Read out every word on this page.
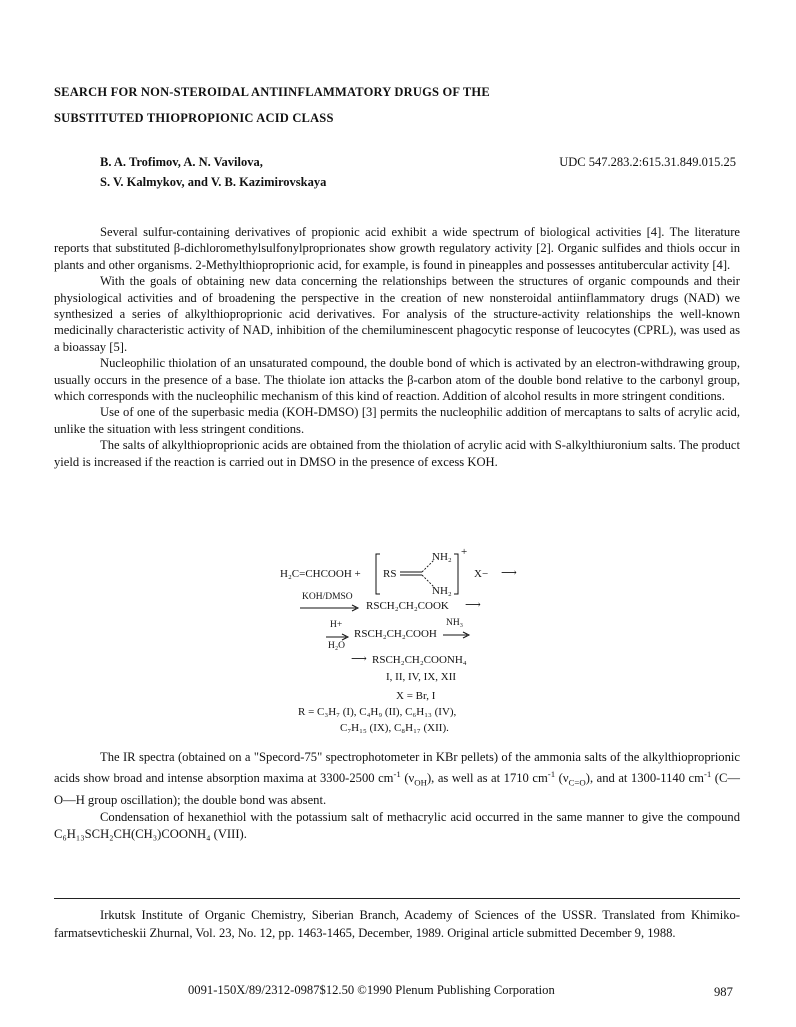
SEARCH FOR NON-STEROIDAL ANTIINFLAMMATORY DRUGS OF THE
SUBSTITUTED THIOPROPIONIC ACID CLASS
B. A. Trofimov, A. N. Vavilova,
S. V. Kalmykov, and V. B. Kazimirovskaya
UDC 547.283.2:615.31.849.015.25

Several sulfur-containing derivatives of propionic acid exhibit a wide spectrum of biological activities [4]. The literature reports that substituted β-dichloromethylsulfonylproprionates show growth regulatory activity [2]. Organic sulfides and thiols occur in plants and other organisms. 2-Methylthioproprionic acid, for example, is found in pineapples and possesses antitubercular activity [4].

With the goals of obtaining new data concerning the relationships between the structures of organic compounds and their physiological activities and of broadening the perspective in the creation of new nonsteroidal antiinflammatory drugs (NAD) we synthesized a series of alkylthioproprionic acid derivatives. For analysis of the structure-activity relationships the well-known medicinally characteristic activity of NAD, inhibition of the chemiluminescent phagocytic response of leucocytes (CPRL), was used as a bioassay [5].

Nucleophilic thiolation of an unsaturated compound, the double bond of which is activated by an electron-withdrawing group, usually occurs in the presence of a base. The thiolate ion attacks the β-carbon atom of the double bond relative to the carbonyl group, which corresponds with the nucleophilic mechanism of this kind of reaction. Addition of alcohol results in more stringent conditions.

Use of one of the superbasic media (KOH-DMSO) [3] permits the nucleophilic addition of mercaptans to salts of acrylic acid, unlike the situation with less stringent conditions.

The salts of alkylthioproprionic acids are obtained from the thiolation of acrylic acid with S-alkylthiuronium salts. The product yield is increased if the reaction is carried out in DMSO in the presence of excess KOH.

H₂C=CHCOOH + RS
NH₂
NH₂
+
X− ⟶
KOH/DMSO
RSCH₂CH₂COOK ⟶
H+
H₂O
RSCH₂CH₂COOH
NH₃
⟶ RSCH₂CH₂COONH₄
I, II, IV, IX, XII
X = Br, I
R = C₃H₇ (I), C₄H₉ (II), C₆H₁₃ (IV),
C₇H₁₅ (IX), C₈H₁₇ (XII).

The IR spectra (obtained on a "Specord-75" spectrophotometer in KBr pellets) of the ammonia salts of the alkylthioproprionic acids show broad and intense absorption maxima at 3300-2500 $cm^{-1}$ $(\nu_{OH})$, as well as at 1710 $cm^{-1}$ $(\nu_{C=O})$, and at 1300-1140 $cm^{-1}$ (C—O—H group oscillation); the double bond was absent.

Condensation of hexanethiol with the potassium salt of methacrylic acid occurred in the same manner to give the compound C₆H₁₃SCH₂CH(CH₃)COONH₄ (VIII).

Irkutsk Institute of Organic Chemistry, Siberian Branch, Academy of Sciences of the USSR. Translated from Khimiko-farmatsevticheskii Zhurnal, Vol. 23, No. 12, pp. 1463-1465, December, 1989. Original article submitted December 9, 1988.

0091-150X/89/2312-0987$12.50 ©1990 Plenum Publishing Corporation	987
